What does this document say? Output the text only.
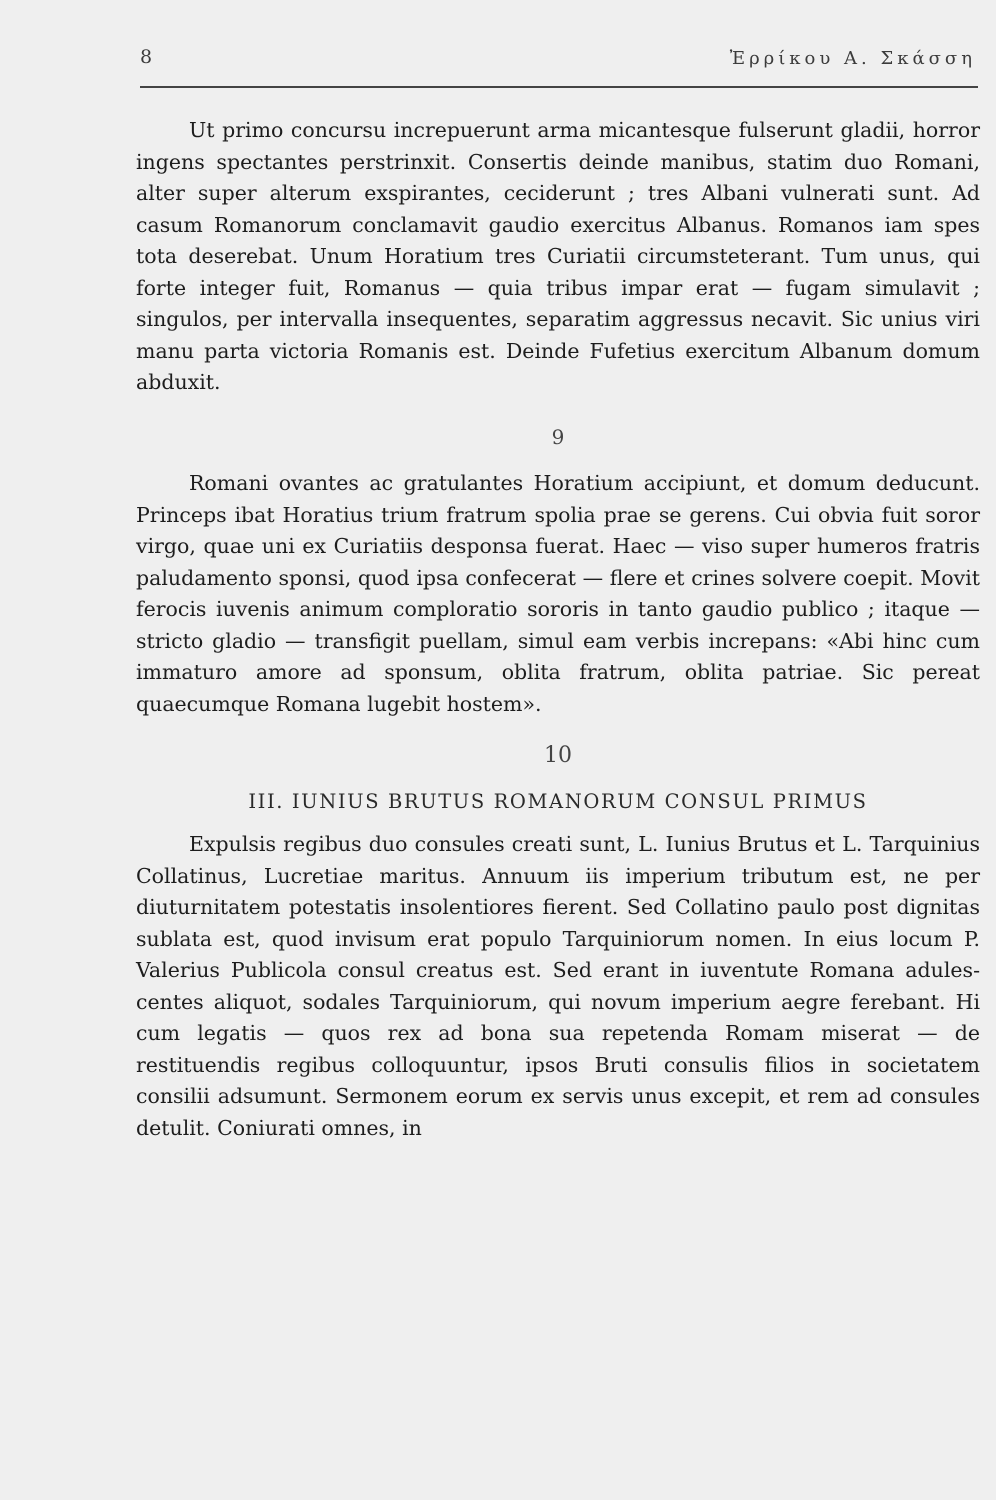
8	Ἐρρίκου Α. Σκάσση

Ut primo concursu increpuerunt arma micantesque fulserunt gladii, horror ingens spectantes perstrinxit. Consertis deinde manibus, statim duo Romani, alter super alterum exspirantes, ceciderunt ; tres Albani vulnerati sunt. Ad casum Romanorum conclamavit gaudio exercitus Albanus. Romanos iam spes tota deserebat. Unum Horatium tres Curiatii circumsteterant. Tum unus, qui forte integer fuit, Romanus — quia tribus impar erat — fugam simulavit ; singulos, per intervalla insequentes, separatim aggressus necavit. Sic unius viri manu parta victoria Romanis est. Deinde Fufetius exercitum Albanum domum abduxit.

9

Romani ovantes ac gratulantes Horatium accipiunt, et domum deducunt. Princeps ibat Horatius trium fratrum spolia prae se gerens. Cui obvia fuit soror virgo, quae uni ex Curiatiis desponsa fuerat. Haec — viso super humeros fratris paludamento sponsi, quod ipsa confecerat — flere et crines solvere coepit. Movit ferocis iuvenis animum comploratio sororis in tanto gaudio publico ; itaque — stricto gladio — transfigit puellam, simul eam verbis increpans: «Abi hinc cum immaturo amore ad sponsum, oblita fratrum, oblita patriae. Sic pereat quaecumque Romana lugebit hostem».

10
III. IUNIUS BRUTUS ROMANORUM CONSUL PRIMUS

Expulsis regibus duo consules creati sunt, L. Iunius Brutus et L. Tarquinius Collatinus, Lucretiae maritus. Annuum iis imperium tributum est, ne per diuturnitatem potestatis insolentiores fierent. Sed Collatino paulo post dignitas sublata est, quod invisum erat populo Tarquiniorum nomen. In eius locum P. Valerius Publicola consul creatus est. Sed erant in iuventute Romana adulescentes aliquot, sodales Tarquiniorum, qui novum imperium aegre ferebant. Hi cum legatis — quos rex ad bona sua repetenda Romam miserat — de restituendis regibus colloquuntur, ipsos Bruti consulis filios in societatem consilii adsumunt. Sermonem eorum ex servis unus excepit, et rem ad consules detulit. Coniurati omnes, in
